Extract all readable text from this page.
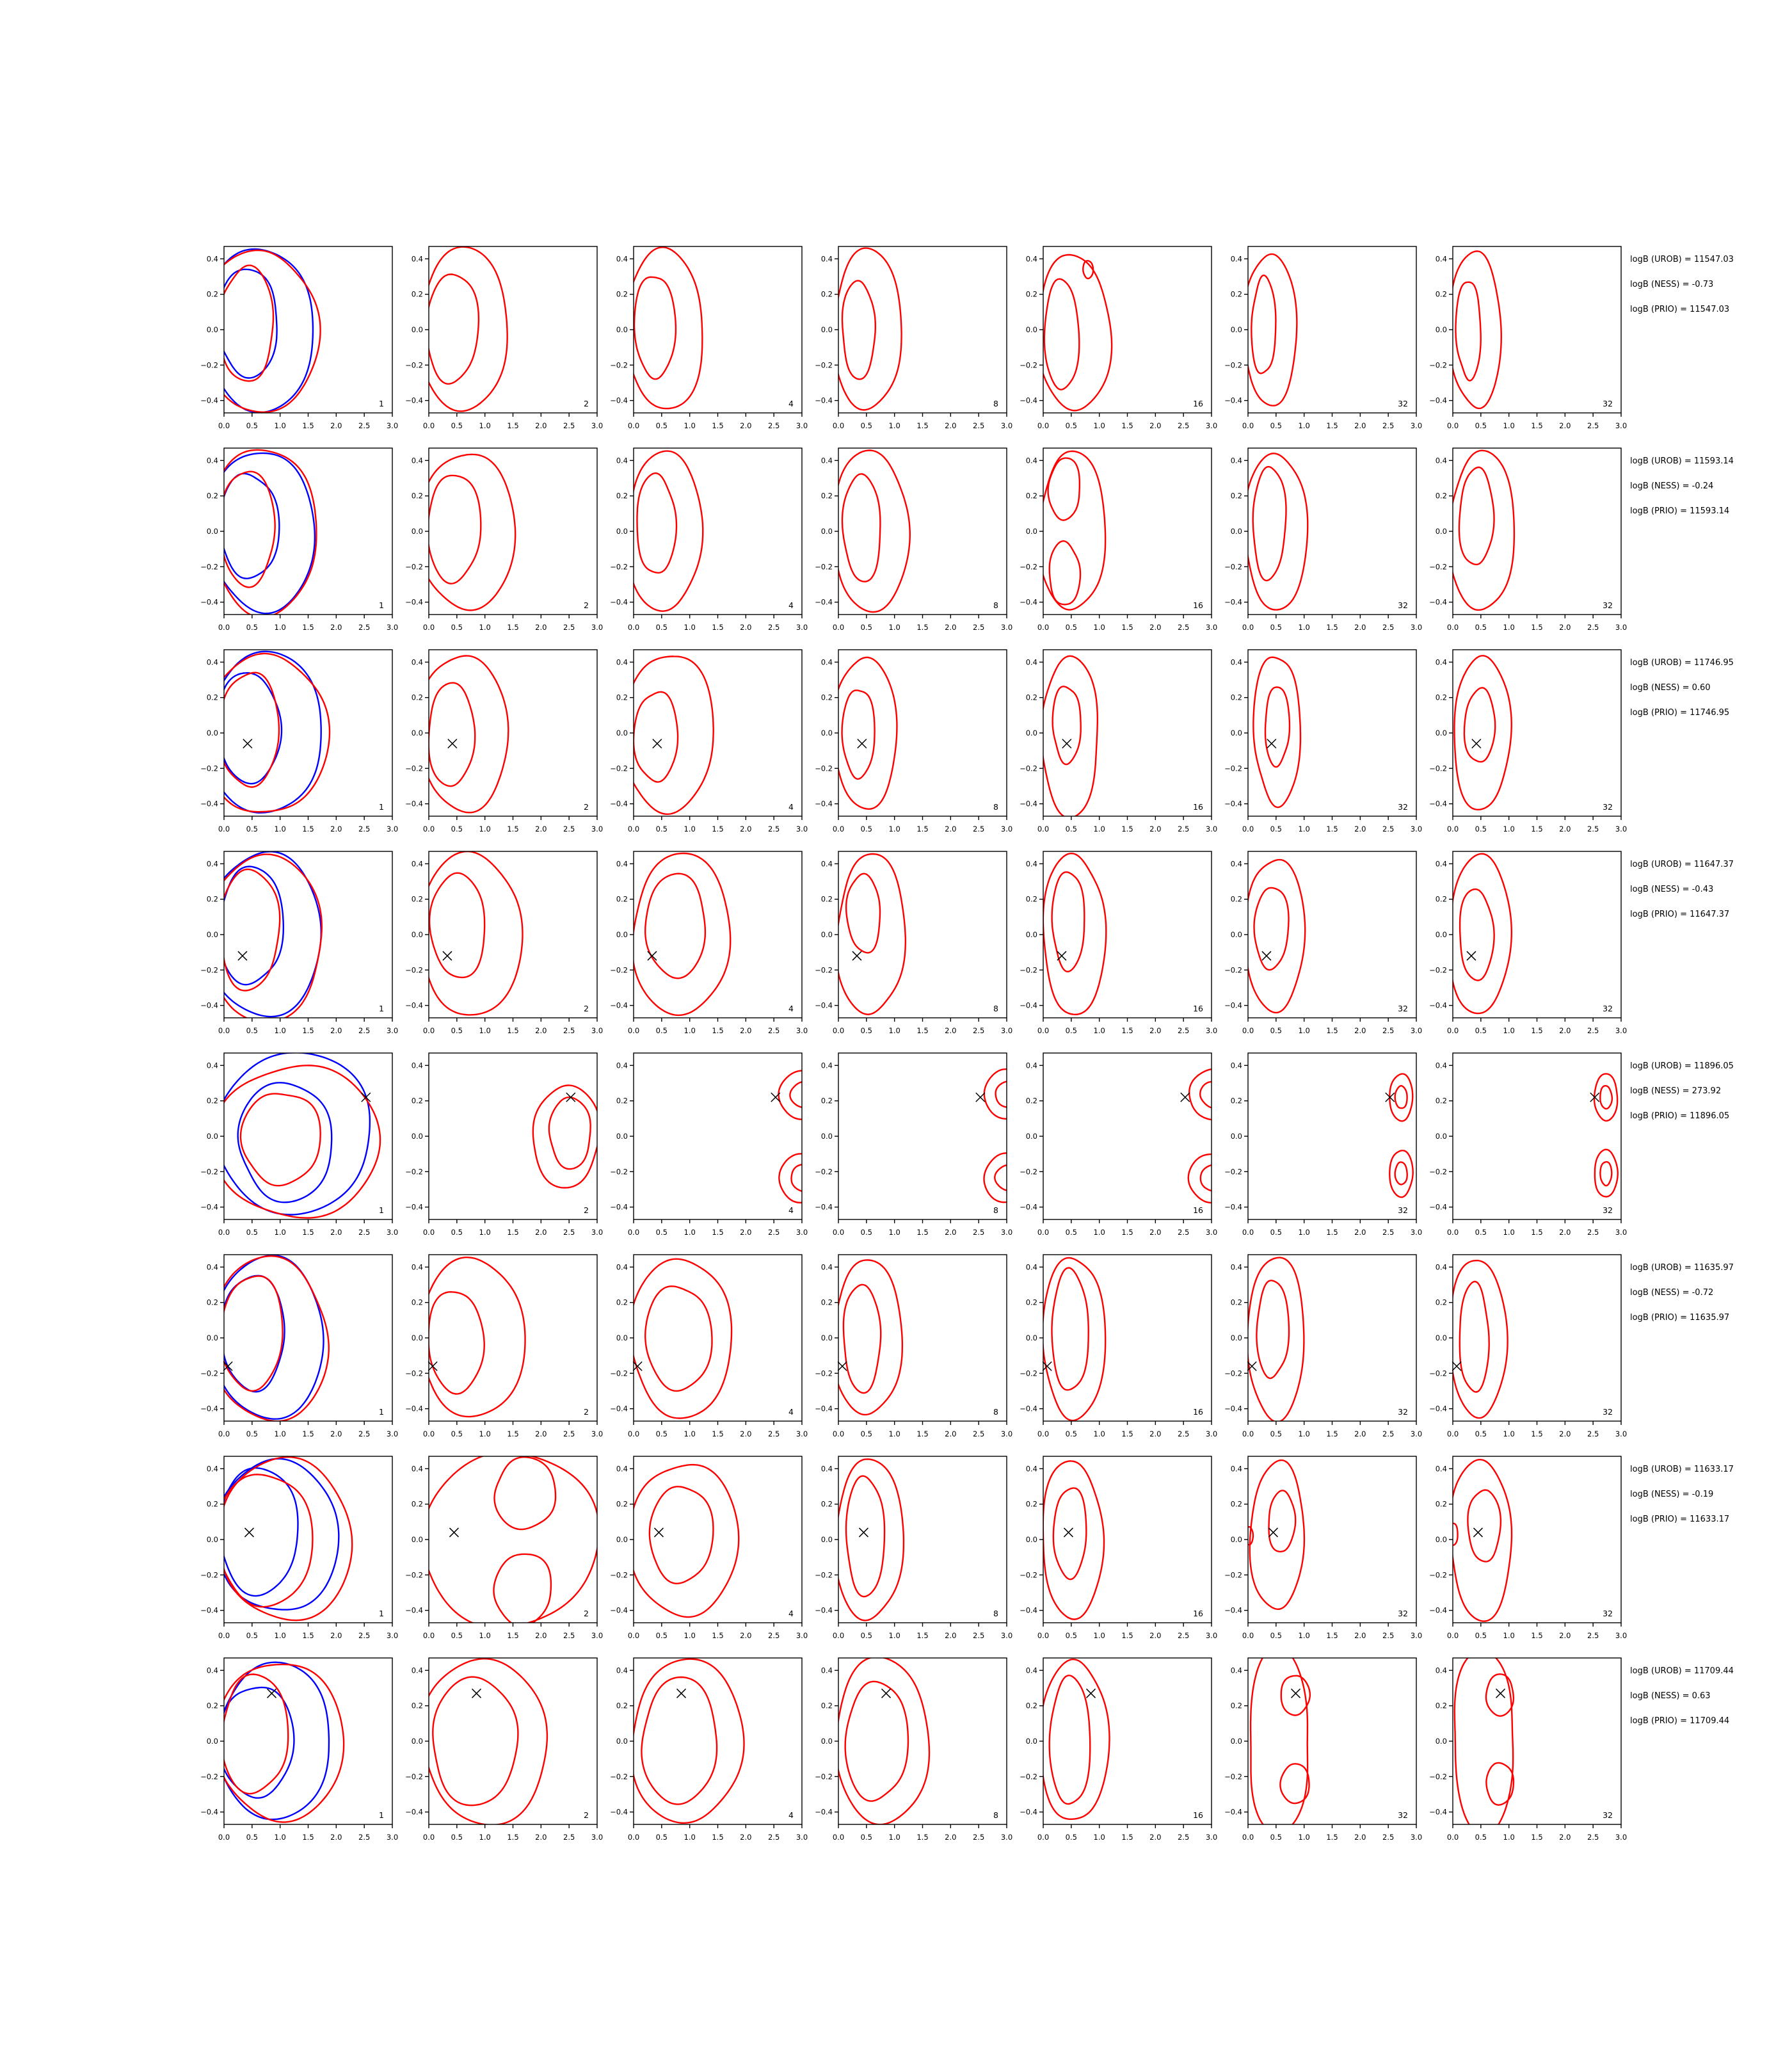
0.0 0.5 1.0 1.5 2.0 2.5 3.0
0.4
0.2
0.0
−0.2
−0.4	1
0.0 0.5 1.0 1.5 2.0 2.5 3.0
0.4
0.2
0.0
−0.2
−0.4	2
0.0 0.5 1.0 1.5 2.0 2.5 3.0
0.4
0.2
0.0
−0.2
−0.4	4
0.0 0.5 1.0 1.5 2.0 2.5 3.0
0.4
0.2
0.0
−0.2
−0.4	8
0.0 0.5 1.0 1.5 2.0 2.5 3.0
0.4
0.2
0.0
−0.2
−0.4	16
0.0 0.5 1.0 1.5 2.0 2.5 3.0
0.4
0.2
0.0
−0.2
−0.4	32
0.0 0.5 1.0 1.5 2.0 2.5 3.0
0.4
0.2
0.0
−0.2
−0.4	32
logB (UROB) = 11547.03
logB (NESS) = -0.73
logB (PRIO) = 11547.03
0.0 0.5 1.0 1.5 2.0 2.5 3.0
0.4
0.2
0.0
−0.2
−0.4	1
0.0 0.5 1.0 1.5 2.0 2.5 3.0
0.4
0.2
0.0
−0.2
−0.4	2
0.0 0.5 1.0 1.5 2.0 2.5 3.0
0.4
0.2
0.0
−0.2
−0.4	4
0.0 0.5 1.0 1.5 2.0 2.5 3.0
0.4
0.2
0.0
−0.2
−0.4	8
0.0 0.5 1.0 1.5 2.0 2.5 3.0
0.4
0.2
0.0
−0.2
−0.4	16
0.0 0.5 1.0 1.5 2.0 2.5 3.0
0.4
0.2
0.0
−0.2
−0.4	32
0.0 0.5 1.0 1.5 2.0 2.5 3.0
0.4
0.2
0.0
−0.2
−0.4	32
logB (UROB) = 11593.14
logB (NESS) = -0.24
logB (PRIO) = 11593.14
0.0 0.5 1.0 1.5 2.0 2.5 3.0
0.4
0.2
0.0
−0.2
−0.4	1
0.0 0.5 1.0 1.5 2.0 2.5 3.0
0.4
0.2
0.0
−0.2
−0.4	2
0.0 0.5 1.0 1.5 2.0 2.5 3.0
0.4
0.2
0.0
−0.2
−0.4	4
0.0 0.5 1.0 1.5 2.0 2.5 3.0
0.4
0.2
0.0
−0.2
−0.4	8
0.0 0.5 1.0 1.5 2.0 2.5 3.0
0.4
0.2
0.0
−0.2
−0.4	16
0.0 0.5 1.0 1.5 2.0 2.5 3.0
0.4
0.2
0.0
−0.2
−0.4	32
0.0 0.5 1.0 1.5 2.0 2.5 3.0
0.4
0.2
0.0
−0.2
−0.4	32
logB (UROB) = 11746.95
logB (NESS) = 0.60
logB (PRIO) = 11746.95
0.0 0.5 1.0 1.5 2.0 2.5 3.0
0.4
0.2
0.0
−0.2
−0.4	1
0.0 0.5 1.0 1.5 2.0 2.5 3.0
0.4
0.2
0.0
−0.2
−0.4	2
0.0 0.5 1.0 1.5 2.0 2.5 3.0
0.4
0.2
0.0
−0.2
−0.4	4
0.0 0.5 1.0 1.5 2.0 2.5 3.0
0.4
0.2
0.0
−0.2
−0.4	8
0.0 0.5 1.0 1.5 2.0 2.5 3.0
0.4
0.2
0.0
−0.2
−0.4	16
0.0 0.5 1.0 1.5 2.0 2.5 3.0
0.4
0.2
0.0
−0.2
−0.4	32
0.0 0.5 1.0 1.5 2.0 2.5 3.0
0.4
0.2
0.0
−0.2
−0.4	32
logB (UROB) = 11647.37
logB (NESS) = -0.43
logB (PRIO) = 11647.37
0.0 0.5 1.0 1.5 2.0 2.5 3.0
0.4
0.2
0.0
−0.2
−0.4	1
0.0 0.5 1.0 1.5 2.0 2.5 3.0
0.4
0.2
0.0
−0.2
−0.4	2
0.0 0.5 1.0 1.5 2.0 2.5 3.0
0.4
0.2
0.0
−0.2
−0.4	4
0.0 0.5 1.0 1.5 2.0 2.5 3.0
0.4
0.2
0.0
−0.2
−0.4	8
0.0 0.5 1.0 1.5 2.0 2.5 3.0
0.4
0.2
0.0
−0.2
−0.4	16
0.0 0.5 1.0 1.5 2.0 2.5 3.0
0.4
0.2
0.0
−0.2
−0.4	32
0.0 0.5 1.0 1.5 2.0 2.5 3.0
0.4
0.2
0.0
−0.2
−0.4	32
logB (UROB) = 11896.05
logB (NESS) = 273.92
logB (PRIO) = 11896.05
0.0 0.5 1.0 1.5 2.0 2.5 3.0
0.4
0.2
0.0
−0.2
−0.4	1
0.0 0.5 1.0 1.5 2.0 2.5 3.0
0.4
0.2
0.0
−0.2
−0.4	2
0.0 0.5 1.0 1.5 2.0 2.5 3.0
0.4
0.2
0.0
−0.2
−0.4	4
0.0 0.5 1.0 1.5 2.0 2.5 3.0
0.4
0.2
0.0
−0.2
−0.4	8
0.0 0.5 1.0 1.5 2.0 2.5 3.0
0.4
0.2
0.0
−0.2
−0.4	16
0.0 0.5 1.0 1.5 2.0 2.5 3.0
0.4
0.2
0.0
−0.2
−0.4	32
0.0 0.5 1.0 1.5 2.0 2.5 3.0
0.4
0.2
0.0
−0.2
−0.4	32
logB (UROB) = 11635.97
logB (NESS) = -0.72
logB (PRIO) = 11635.97
0.0 0.5 1.0 1.5 2.0 2.5 3.0
0.4
0.2
0.0
−0.2
−0.4	1
0.0 0.5 1.0 1.5 2.0 2.5 3.0
0.4
0.2
0.0
−0.2
−0.4	2
0.0 0.5 1.0 1.5 2.0 2.5 3.0
0.4
0.2
0.0
−0.2
−0.4	4
0.0 0.5 1.0 1.5 2.0 2.5 3.0
0.4
0.2
0.0
−0.2
−0.4	8
0.0 0.5 1.0 1.5 2.0 2.5 3.0
0.4
0.2
0.0
−0.2
−0.4	16
0.0 0.5 1.0 1.5 2.0 2.5 3.0
0.4
0.2
0.0
−0.2
−0.4	32
0.0 0.5 1.0 1.5 2.0 2.5 3.0
0.4
0.2
0.0
−0.2
−0.4	32
logB (UROB) = 11633.17
logB (NESS) = -0.19
logB (PRIO) = 11633.17
0.0 0.5 1.0 1.5 2.0 2.5 3.0
0.4
0.2
0.0
−0.2
−0.4	1
0.0 0.5 1.0 1.5 2.0 2.5 3.0
0.4
0.2
0.0
−0.2
−0.4	2
0.0 0.5 1.0 1.5 2.0 2.5 3.0
0.4
0.2
0.0
−0.2
−0.4	4
0.0 0.5 1.0 1.5 2.0 2.5 3.0
0.4
0.2
0.0
−0.2
−0.4	8
0.0 0.5 1.0 1.5 2.0 2.5 3.0
0.4
0.2
0.0
−0.2
−0.4	16
0.0 0.5 1.0 1.5 2.0 2.5 3.0
0.4
0.2
0.0
−0.2
−0.4	32
0.0 0.5 1.0 1.5 2.0 2.5 3.0
0.4
0.2
0.0
−0.2
−0.4	32
logB (UROB) = 11709.44
logB (NESS) = 0.63
logB (PRIO) = 11709.44
